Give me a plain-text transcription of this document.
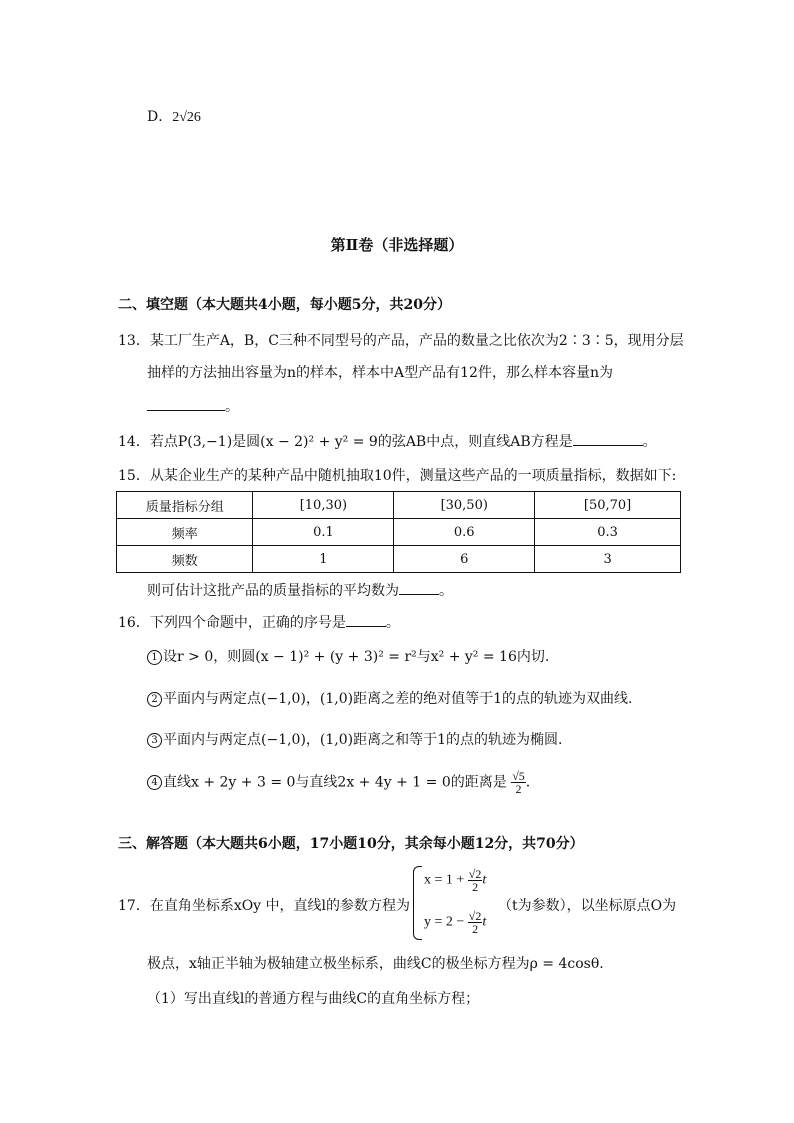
D．2√26
第Ⅱ卷（非选择题）
二、填空题（本大题共4小题，每小题5分，共20分）
13．某工厂生产A，B，C三种不同型号的产品，产品的数量之比依次为2∶3∶5，现用分层
抽样的方法抽出容量为n的样本，样本中A型产品有12件，那么样本容量n为
。
14．若点P(3,−1)是圆(x − 2)² + y² = 9的弦AB中点，则直线AB方程是	。
15．从某企业生产的某种产品中随机抽取10件，测量这些产品的一项质量指标，数据如下:
质量指标分组	[10,30)	[30,50)	[50,70]
频率	0.1	0.6	0.3
频数	1	6	3
则可估计这批产品的质量指标的平均数为	。
16．下列四个命题中，正确的序号是	。
1 设r > 0，则圆(x − 1)² + (y + 3)² = r²与x² + y² = 16内切.
2 平面内与两定点(−1,0)，(1,0)距离之差的绝对值等于1的点的轨迹为双曲线.
3 平面内与两定点(−1,0)，(1,0)距离之和等于1的点的轨迹为椭圆.
4 直线x + 2y + 3 = 0与直线2x + 4y + 1 = 0的距离是 $\frac{√5}{2}$ .
三、解答题（本大题共6小题，17小题10分，其余每小题12分，共70分）
17．在直角坐标系xOy 中，直线l的参数方程为
$x = 1 + \frac{√2}{2}$ t
$y = 2 - \frac{√2}{2}$ t
（t为参数），以坐标原点O为
极点，x轴正半轴为极轴建立极坐标系，曲线C的极坐标方程为ρ = 4cosθ.
（1）写出直线l的普通方程与曲线C的直角坐标方程；
